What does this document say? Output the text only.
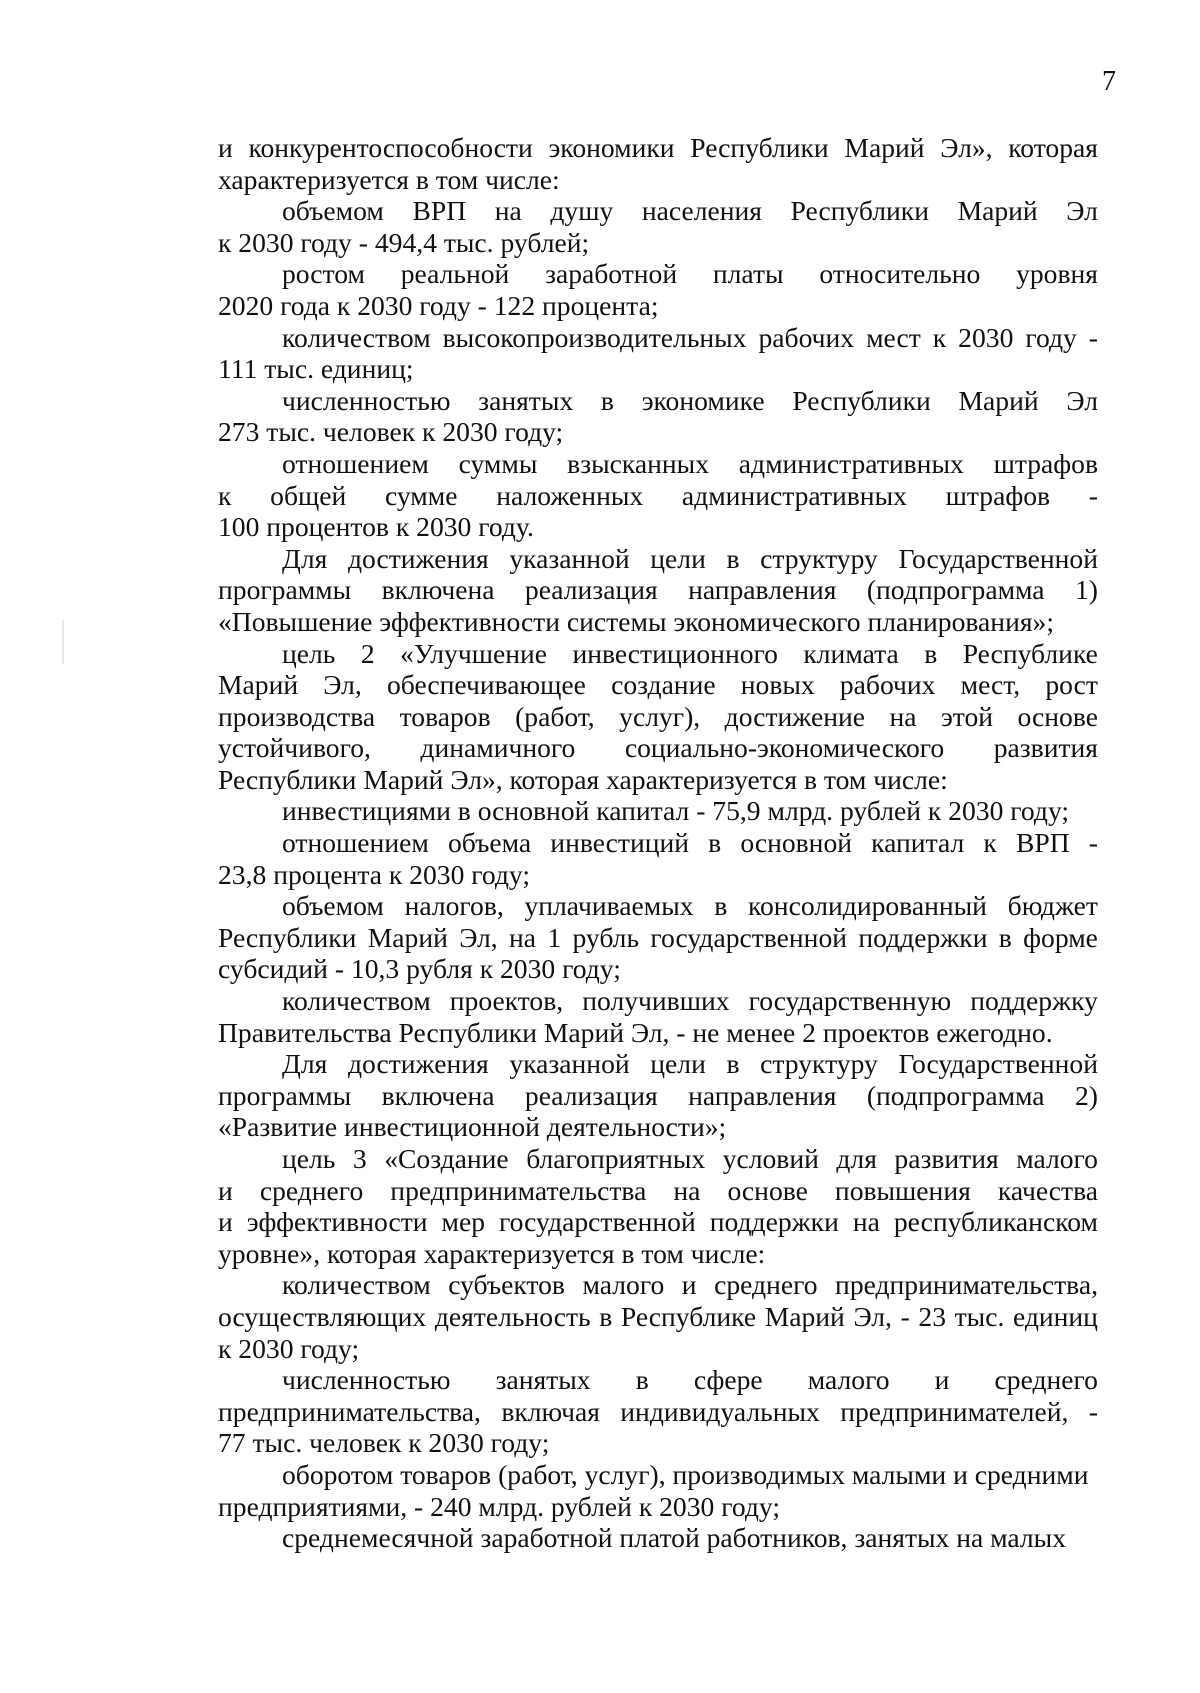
7
и конкурентоспособности экономики Республики Марий Эл», которая
характеризуется в том числе:
объемом ВРП на душу населения Республики Марий Эл
к 2030 году - 494,4 тыс. рублей;
ростом реальной заработной платы относительно уровня
2020 года к 2030 году - 122 процента;
количеством высокопроизводительных рабочих мест к 2030 году -
111 тыс. единиц;
численностью занятых в экономике Республики Марий Эл
273 тыс. человек к 2030 году;
отношением суммы взысканных административных штрафов
к общей сумме наложенных административных штрафов -
100 процентов к 2030 году.
Для достижения указанной цели в структуру Государственной
программы включена реализация направления (подпрограмма 1)
«Повышение эффективности системы экономического планирования»;
цель 2 «Улучшение инвестиционного климата в Республике
Марий Эл, обеспечивающее создание новых рабочих мест, рост
производства товаров (работ, услуг), достижение на этой основе
устойчивого, динамичного социально-экономического развития
Республики Марий Эл», которая характеризуется в том числе:
инвестициями в основной капитал - 75,9 млрд. рублей к 2030 году;
отношением объема инвестиций в основной капитал к ВРП -
23,8 процента к 2030 году;
объемом налогов, уплачиваемых в консолидированный бюджет
Республики Марий Эл, на 1 рубль государственной поддержки в форме
субсидий - 10,3 рубля к 2030 году;
количеством проектов, получивших государственную поддержку
Правительства Республики Марий Эл, - не менее 2 проектов ежегодно.
Для достижения указанной цели в структуру Государственной
программы включена реализация направления (подпрограмма 2)
«Развитие инвестиционной деятельности»;
цель 3 «Создание благоприятных условий для развития малого
и среднего предпринимательства на основе повышения качества
и эффективности мер государственной поддержки на республиканском
уровне», которая характеризуется в том числе:
количеством субъектов малого и среднего предпринимательства,
осуществляющих деятельность в Республике Марий Эл, - 23 тыс. единиц
к 2030 году;
численностью занятых в сфере малого и среднего
предпринимательства, включая индивидуальных предпринимателей, -
77 тыс. человек к 2030 году;
оборотом товаров (работ, услуг), производимых малыми и средними
предприятиями, - 240 млрд. рублей к 2030 году;
среднемесячной заработной платой работников, занятых на малых
